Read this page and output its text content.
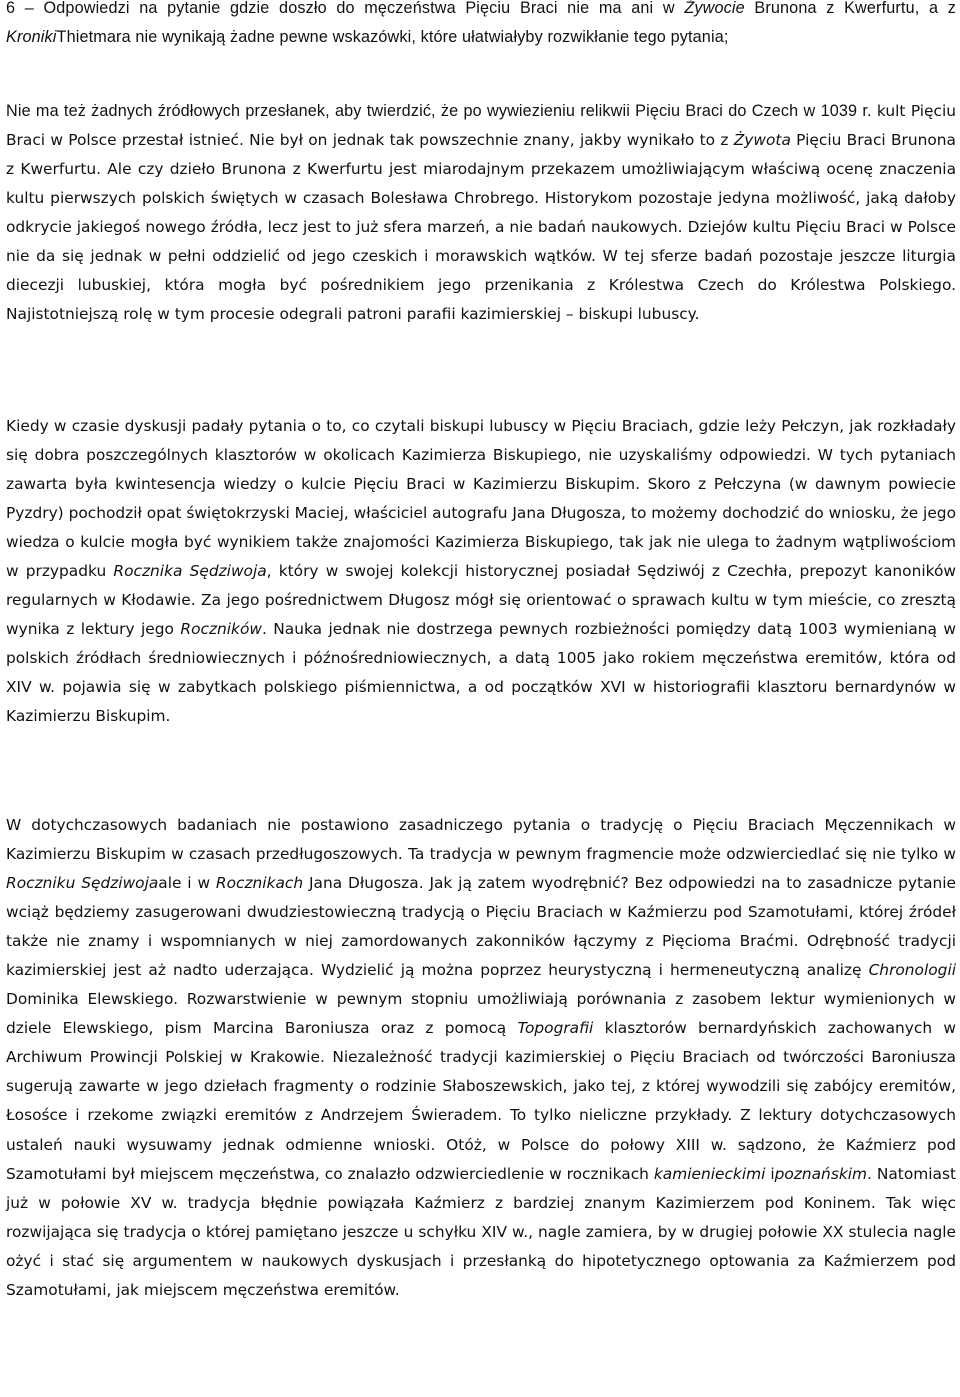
6 – Odpowiedzi na pytanie gdzie doszło do męczeństwa Pięciu Braci nie ma ani w Żywocie Brunona z Kwerfurtu, a z KronikiThietmara nie wynikają żadne pewne wskazówki, które ułatwiałyby rozwikłanie tego pytania;

Nie ma też żadnych źródłowych przesłanek, aby twierdzić, że po wywiezieniu relikwii Pięciu Braci do Czech w 1039 r. kult Pięciu Braci w Polsce przestał istnieć. Nie był on jednak tak powszechnie znany, jakby wynikało to z Żywota Pięciu Braci Brunona z Kwerfurtu. Ale czy dzieło Brunona z Kwerfurtu jest miarodajnym przekazem umożliwiającym właściwą ocenę znaczenia kultu pierwszych polskich świętych w czasach Bolesława Chrobrego. Historykom pozostaje jedyna możliwość, jaką dałoby odkrycie jakiegoś nowego źródła, lecz jest to już sfera marzeń, a nie badań naukowych. Dziejów kultu Pięciu Braci w Polsce nie da się jednak w pełni oddzielić od jego czeskich i morawskich wątków. W tej sferze badań pozostaje jeszcze liturgia diecezji lubuskiej, która mogła być pośrednikiem jego przenikania z Królestwa Czech do Królestwa Polskiego. Najistotniejszą rolę w tym procesie odegrali patroni parafii kazimierskiej – biskupi lubuscy.

Kiedy w czasie dyskusji padały pytania o to, co czytali biskupi lubuscy w Pięciu Braciach, gdzie leży Pełczyn, jak rozkładały się dobra poszczególnych klasztorów w okolicach Kazimierza Biskupiego, nie uzyskaliśmy odpowiedzi. W tych pytaniach zawarta była kwintesencja wiedzy o kulcie Pięciu Braci w Kazimierzu Biskupim. Skoro z Pełczyna (w dawnym powiecie Pyzdry) pochodził opat świętokrzyski Maciej, właściciel autografu Jana Długosza, to możemy dochodzić do wniosku, że jego wiedza o kulcie mogła być wynikiem także znajomości Kazimierza Biskupiego, tak jak nie ulega to żadnym wątpliwościom w przypadku Rocznika Sędziwoja, który w swojej kolekcji historycznej posiadał Sędziwój z Czechła, prepozyt kanoników regularnych w Kłodawie. Za jego pośrednictwem Długosz mógł się orientować o sprawach kultu w tym mieście, co zresztą wynika z lektury jego Roczników. Nauka jednak nie dostrzega pewnych rozbieżności pomiędzy datą 1003 wymienianą w polskich źródłach średniowiecznych i późnośredniowiecznych, a datą 1005 jako rokiem męczeństwa eremitów, która od XIV w. pojawia się w zabytkach polskiego piśmiennictwa, a od początków XVI w historiografii klasztoru bernardynów w Kazimierzu Biskupim.

W dotychczasowych badaniach nie postawiono zasadniczego pytania o tradycję o Pięciu Braciach Męczennikach w Kazimierzu Biskupim w czasach przedługoszowych. Ta tradycja w pewnym fragmencie może odzwierciedlać się nie tylko w Roczniku Sędziwojaale i w Rocznikach Jana Długosza. Jak ją zatem wyodrębnić? Bez odpowiedzi na to zasadnicze pytanie wciąż będziemy zasugerowani dwudziestowieczną tradycją o Pięciu Braciach w Kaźmierzu pod Szamotułami, której źródeł także nie znamy i wspomnianych w niej zamordowanych zakonników łączymy z Pięcioma Braćmi. Odrębność tradycji kazimierskiej jest aż nadto uderzająca. Wydzielić ją można poprzez heurystyczną i hermeneutyczną analizę Chronologii Dominika Elewskiego. Rozwarstwienie w pewnym stopniu umożliwiają porównania z zasobem lektur wymienionych w dziele Elewskiego, pism Marcina Baroniusza oraz z pomocą Topografii klasztorów bernardyńskich zachowanych w Archiwum Prowincji Polskiej w Krakowie. Niezależność tradycji kazimierskiej o Pięciu Braciach od twórczości Baroniusza sugerują zawarte w jego dziełach fragmenty o rodzinie Słaboszewskich, jako tej, z której wywodzili się zabójcy eremitów, Łosośce i rzekome związki eremitów z Andrzejem Świeradem. To tylko nieliczne przykłady. Z lektury dotychczasowych ustaleń nauki wysuwamy jednak odmienne wnioski. Otóż, w Polsce do połowy XIII w. sądzono, że Kaźmierz pod Szamotułami był miejscem męczeństwa, co znalazło odzwierciedlenie w rocznikach kamienieckimi ipoznańskim. Natomiast już w połowie XV w. tradycja błędnie powiązała Kaźmierz z bardziej znanym Kazimierzem pod Koninem. Tak więc rozwijająca się tradycja o której pamiętano jeszcze u schyłku XIV w., nagle zamiera, by w drugiej połowie XX stulecia nagle ożyć i stać się argumentem w naukowych dyskusjach i przesłanką do hipotetycznego optowania za Kaźmierzem pod Szamotułami, jak miejscem męczeństwa eremitów.
